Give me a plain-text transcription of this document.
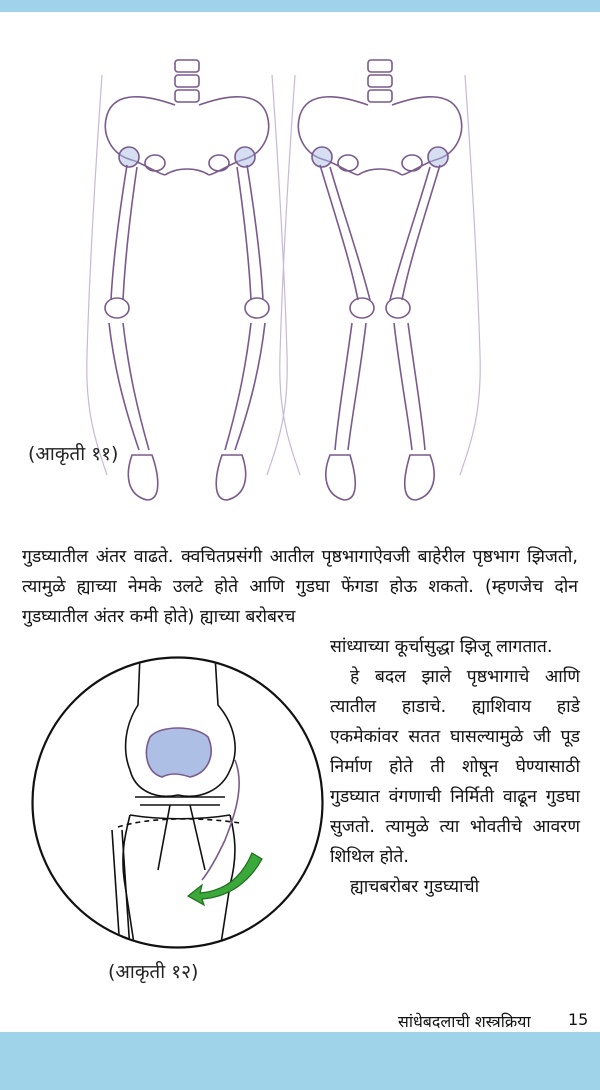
(आकृती ११)
गुडघ्यातील अंतर वाढते. क्वचितप्रसंगी आतील पृष्ठभागाऐवजी बाहेरील पृष्ठभाग झिजतो, त्यामुळे ह्याच्या नेमके उलटे होते आणि गुडघा फेंगडा होऊ शकतो. (म्हणजेच दोन गुडघ्यातील अंतर कमी होते) ह्याच्या बरोबरच

सांध्याच्या कूर्चासुद्धा झिजू लागतात.

हे बदल झाले पृष्ठभागाचे आणि त्यातील हाडाचे. ह्याशिवाय हाडे एकमेकांवर सतत घासल्यामुळे जी पूड निर्माण होते ती शोषून घेण्यासाठी गुडघ्यात वंगणाची निर्मिती वाढून गुडघा सुजतो. त्यामुळे त्या भोवतीचे आवरण शिथिल होते.

ह्याचबरोबर गुडघ्याची

(आकृती १२)
सांधेबदलाची शस्त्रक्रिया 15
